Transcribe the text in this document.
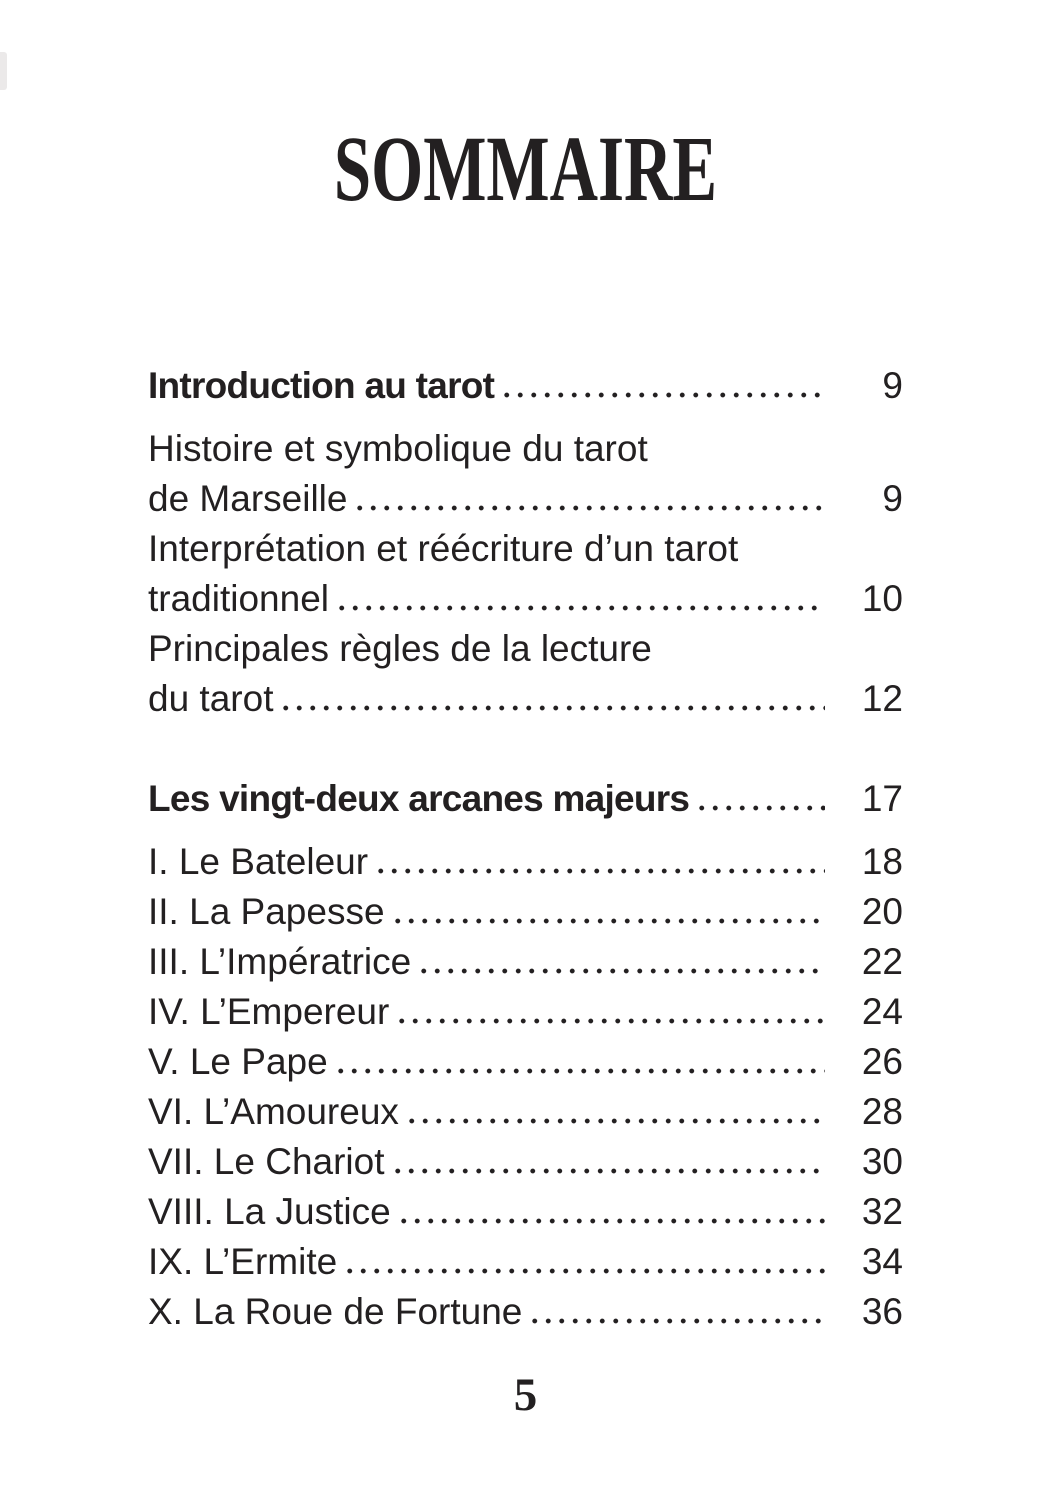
SOMMAIRE
Introduction au tarot	9
Histoire et symbolique du tarot
de Marseille	9
Interprétation et réécriture d’un tarot
traditionnel	10
Principales règles de la lecture
du tarot	12
Les vingt-deux arcanes majeurs	17
I. Le Bateleur	18
II. La Papesse	20
III. L’Impératrice	22
IV. L’Empereur	24
V. Le Pape	26
VI. L’Amoureux	28
VII. Le Chariot	30
VIII. La Justice	32
IX. L’Ermite	34
X. La Roue de Fortune	36
5
